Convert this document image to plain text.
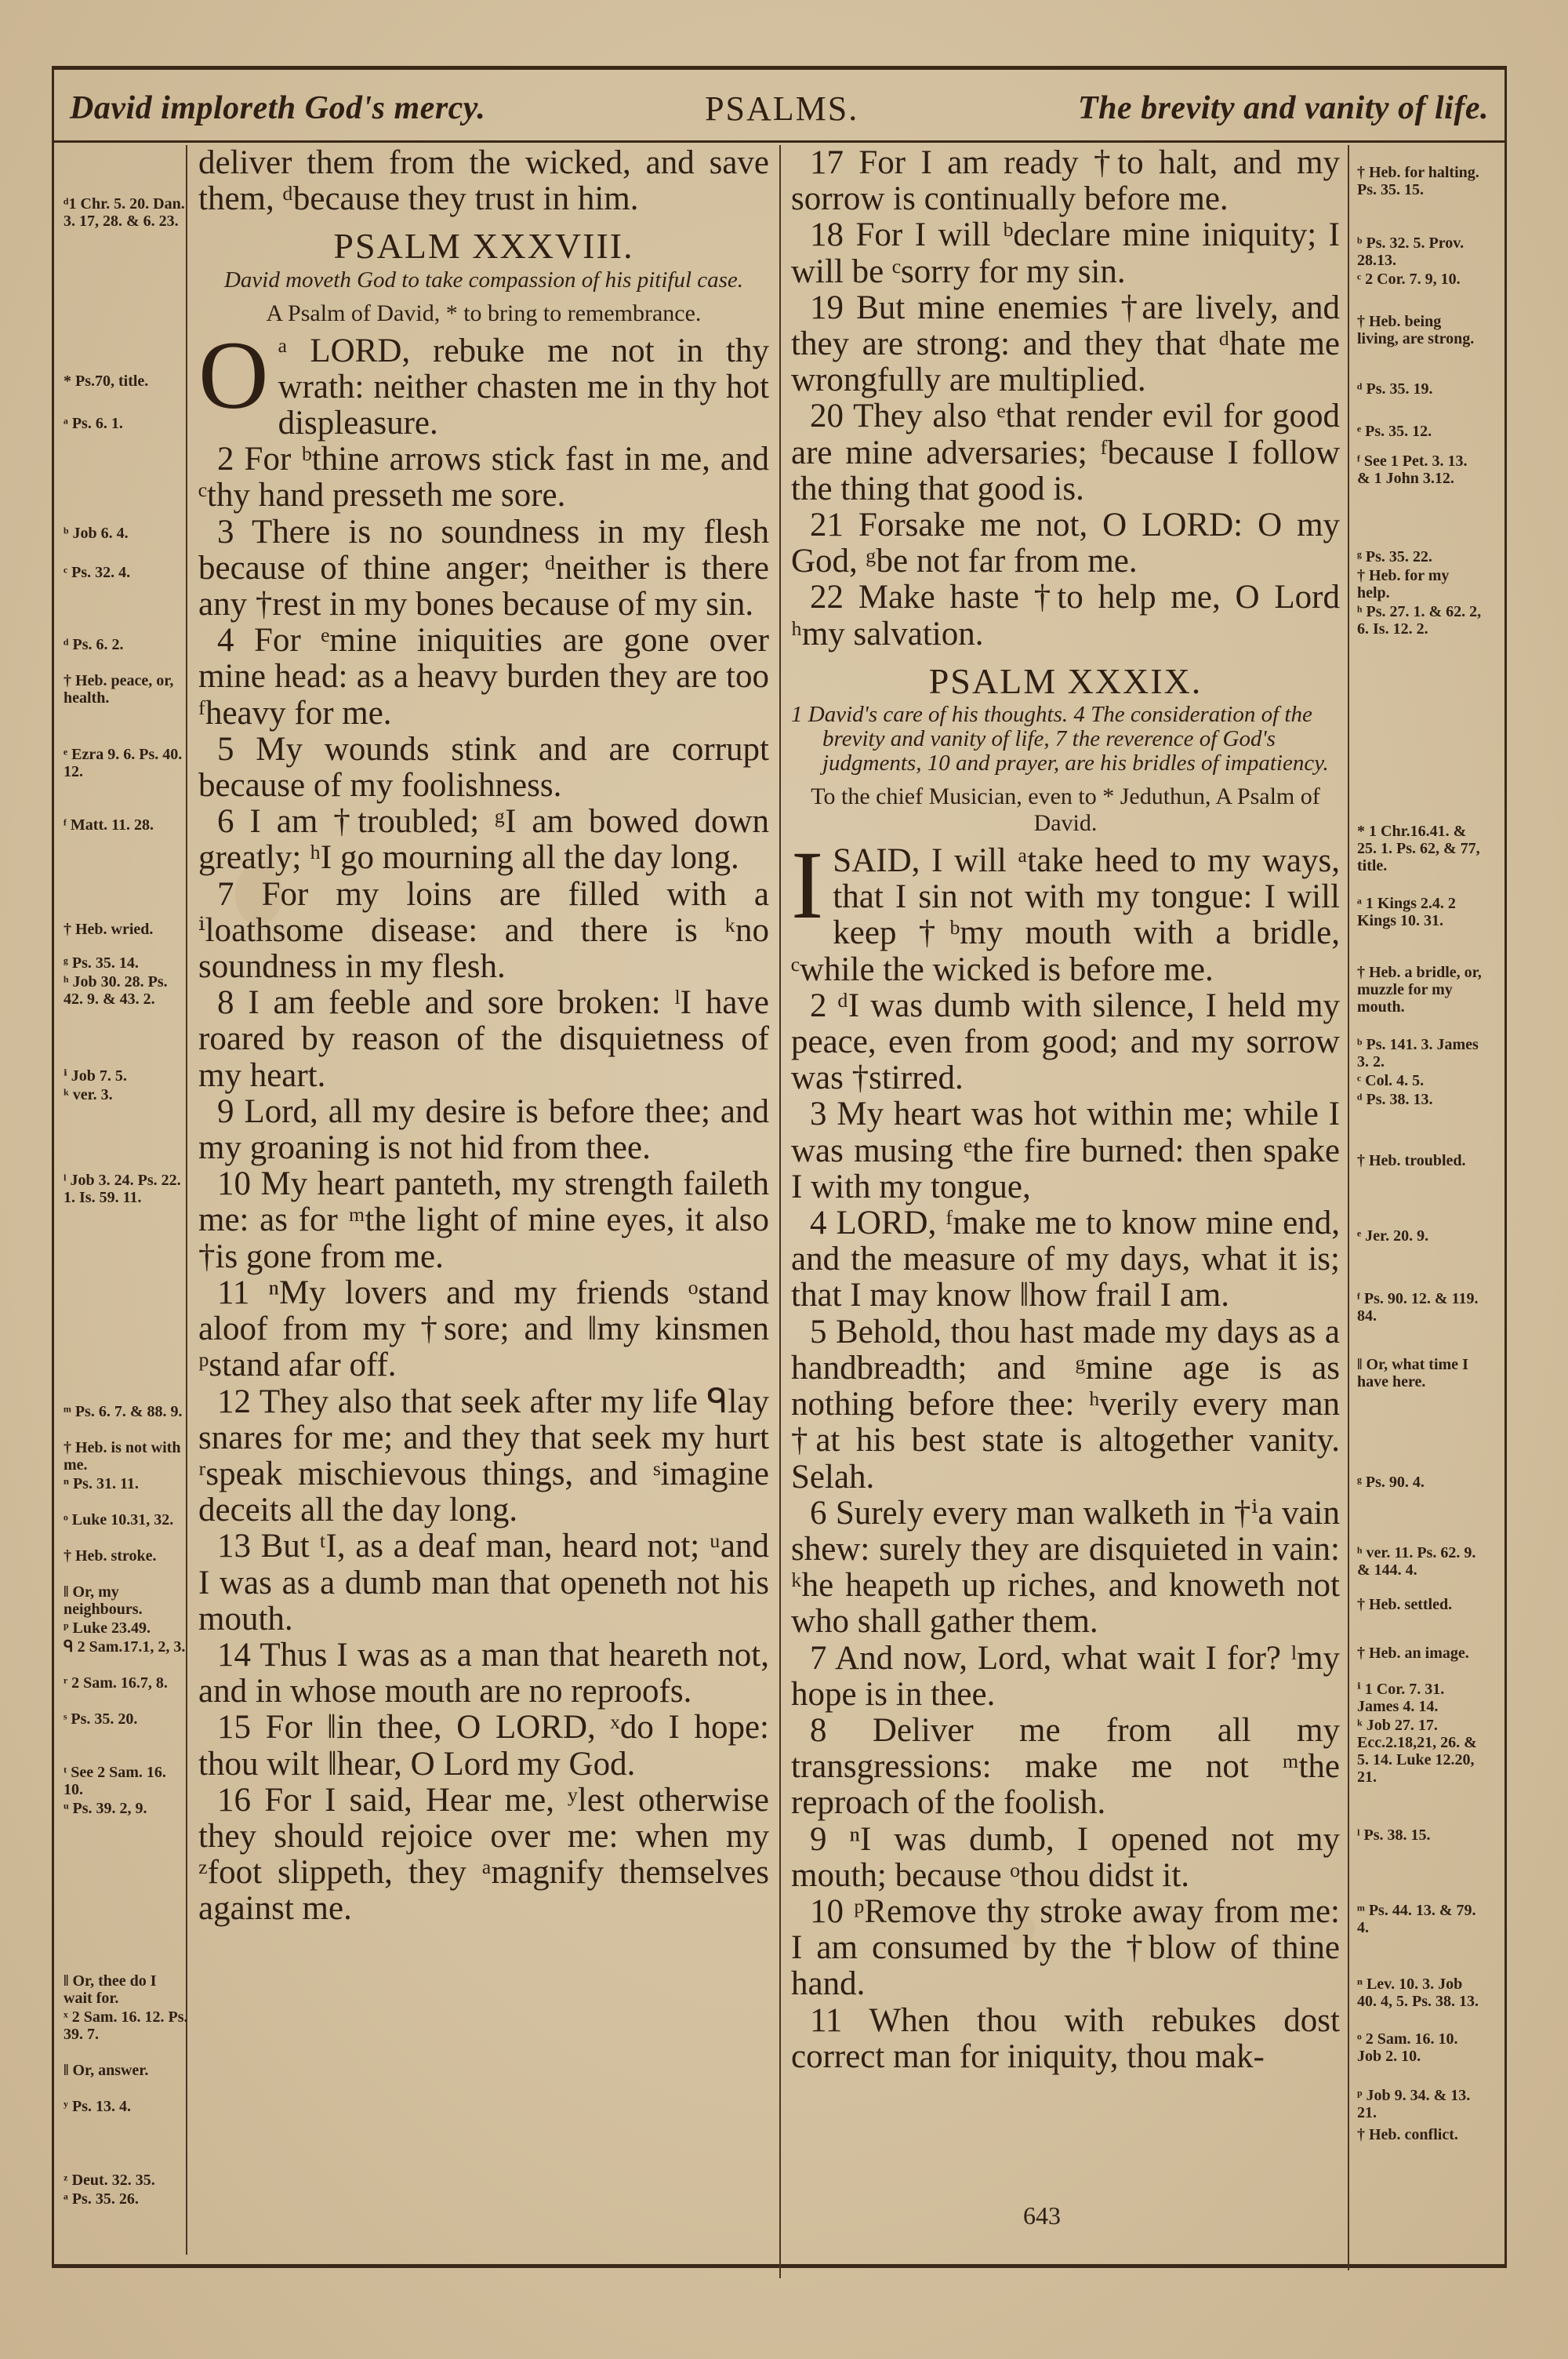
David imploreth God's mercy.	PSALMS.	The brevity and vanity of life.
ᵈ1 Chr. 5. 20. Dan. 3. 17, 28. & 6. 23.
* Ps.70, title.
ᵃ Ps. 6. 1.
ᵇ Job 6. 4.
ᶜ Ps. 32. 4.
ᵈ Ps. 6. 2.
† Heb. peace, or, health.
ᵉ Ezra 9. 6. Ps. 40. 12.
ᶠ Matt. 11. 28.
† Heb. wried.
ᵍ Ps. 35. 14.
ʰ Job 30. 28. Ps. 42. 9. & 43. 2.
ⁱ Job 7. 5.
ᵏ ver. 3.
ˡ Job 3. 24. Ps. 22. 1. Is. 59. 11.
ᵐ Ps. 6. 7. & 88. 9.
† Heb. is not with me.
ⁿ Ps. 31. 11.
ᵒ Luke 10.31, 32.
† Heb. stroke.
‖ Or, my neighbours.
ᵖ Luke 23.49.
ᑫ 2 Sam.17.1, 2, 3.
ʳ 2 Sam. 16.7, 8.
ˢ Ps. 35. 20.
ᵗ See 2 Sam. 16. 10.
ᵘ Ps. 39. 2, 9.
‖ Or, thee do I wait for.
ˣ 2 Sam. 16. 12. Ps. 39. 7.
‖ Or, answer.
ʸ Ps. 13. 4.
ᶻ Deut. 32. 35.
ᵃ Ps. 35. 26.

deliver them from the wicked, and save them, ᵈbecause they trust in him.

PSALM XXXVIII.
David moveth God to take compassion of his pitiful case.
A Psalm of David, * to bring to remembrance.

O ᵃ LORD, rebuke me not in thy wrath: neither chasten me in thy hot displeasure.

2 For ᵇthine arrows stick fast in me, and ᶜthy hand presseth me sore.

3 There is no soundness in my flesh because of thine anger; ᵈneither is there any †rest in my bones because of my sin.

4 For ᵉmine iniquities are gone over mine head: as a heavy burden they are too ᶠheavy for me.

5 My wounds stink and are corrupt because of my foolishness.

6 I am †troubled; ᵍI am bowed down greatly; ʰI go mourning all the day long.

7 For my loins are filled with a ⁱloathsome disease: and there is ᵏno soundness in my flesh.

8 I am feeble and sore broken: ˡI have roared by reason of the disquietness of my heart.

9 Lord, all my desire is before thee; and my groaning is not hid from thee.

10 My heart panteth, my strength faileth me: as for ᵐthe light of mine eyes, it also †is gone from me.

11 ⁿMy lovers and my friends ᵒstand aloof from my †sore; and ‖my kinsmen ᵖstand afar off.

12 They also that seek after my life ᑫlay snares for me; and they that seek my hurt ʳspeak mischievous things, and ˢimagine deceits all the day long.

13 But ᵗI, as a deaf man, heard not; ᵘand I was as a dumb man that openeth not his mouth.

14 Thus I was as a man that heareth not, and in whose mouth are no reproofs.

15 For ‖in thee, O LORD, ˣdo I hope: thou wilt ‖hear, O Lord my God.

16 For I said, Hear me, ʸlest otherwise they should rejoice over me: when my ᶻfoot slippeth, they ᵃmagnify themselves against me.

17 For I am ready †to halt, and my sorrow is continually before me.

18 For I will ᵇdeclare mine iniquity; I will be ᶜsorry for my sin.

19 But mine enemies †are lively, and they are strong: and they that ᵈhate me wrongfully are multiplied.

20 They also ᵉthat render evil for good are mine adversaries; ᶠbecause I follow the thing that good is.

21 Forsake me not, O LORD: O my God, ᵍbe not far from me.

22 Make haste †to help me, O Lord ʰmy salvation.

PSALM XXXIX.
1 David's care of his thoughts. 4 The consideration of the brevity and vanity of life, 7 the reverence of God's judgments, 10 and prayer, are his bridles of impatiency.
To the chief Musician, even to * Jeduthun, A Psalm of David.

I SAID, I will ᵃtake heed to my ways, that I sin not with my tongue: I will keep †ᵇmy mouth with a bridle, ᶜwhile the wicked is before me.

2 ᵈI was dumb with silence, I held my peace, even from good; and my sorrow was †stirred.

3 My heart was hot within me; while I was musing ᵉthe fire burned: then spake I with my tongue,

4 LORD, ᶠmake me to know mine end, and the measure of my days, what it is; that I may know ‖how frail I am.

5 Behold, thou hast made my days as a handbreadth; and ᵍmine age is as nothing before thee: ʰverily every man †at his best state is altogether vanity. Selah.

6 Surely every man walketh in †ⁱa vain shew: surely they are disquieted in vain: ᵏhe heapeth up riches, and knoweth not who shall gather them.

7 And now, Lord, what wait I for? ˡmy hope is in thee.

8 Deliver me from all my transgressions: make me not ᵐthe reproach of the foolish.

9 ⁿI was dumb, I opened not my mouth; because ᵒthou didst it.

10 ᵖRemove thy stroke away from me: I am consumed by the †blow of thine hand.

11 When thou with rebukes dost correct man for iniquity, thou mak-

† Heb. for halting. Ps. 35. 15.
ᵇ Ps. 32. 5. Prov. 28.13.
ᶜ 2 Cor. 7. 9, 10.
† Heb. being living, are strong.
ᵈ Ps. 35. 19.
ᵉ Ps. 35. 12.
ᶠ See 1 Pet. 3. 13. & 1 John 3.12.
ᵍ Ps. 35. 22.
† Heb. for my help.
ʰ Ps. 27. 1. & 62. 2, 6. Is. 12. 2.
* 1 Chr.16.41. & 25. 1. Ps. 62, & 77, title.
ᵃ 1 Kings 2.4. 2 Kings 10. 31.
† Heb. a bridle, or, muzzle for my mouth.
ᵇ Ps. 141. 3. James 3. 2.
ᶜ Col. 4. 5.
ᵈ Ps. 38. 13.
† Heb. troubled.
ᵉ Jer. 20. 9.
ᶠ Ps. 90. 12. & 119. 84.
‖ Or, what time I have here.
ᵍ Ps. 90. 4.
ʰ ver. 11. Ps. 62. 9. & 144. 4.
† Heb. settled.
† Heb. an image.
ⁱ 1 Cor. 7. 31. James 4. 14.
ᵏ Job 27. 17. Ecc.2.18,21, 26. & 5. 14. Luke 12.20, 21.
ˡ Ps. 38. 15.
ᵐ Ps. 44. 13. & 79. 4.
ⁿ Lev. 10. 3. Job 40. 4, 5. Ps. 38. 13.
ᵒ 2 Sam. 16. 10. Job 2. 10.
ᵖ Job 9. 34. & 13. 21.
† Heb. conflict.
643
